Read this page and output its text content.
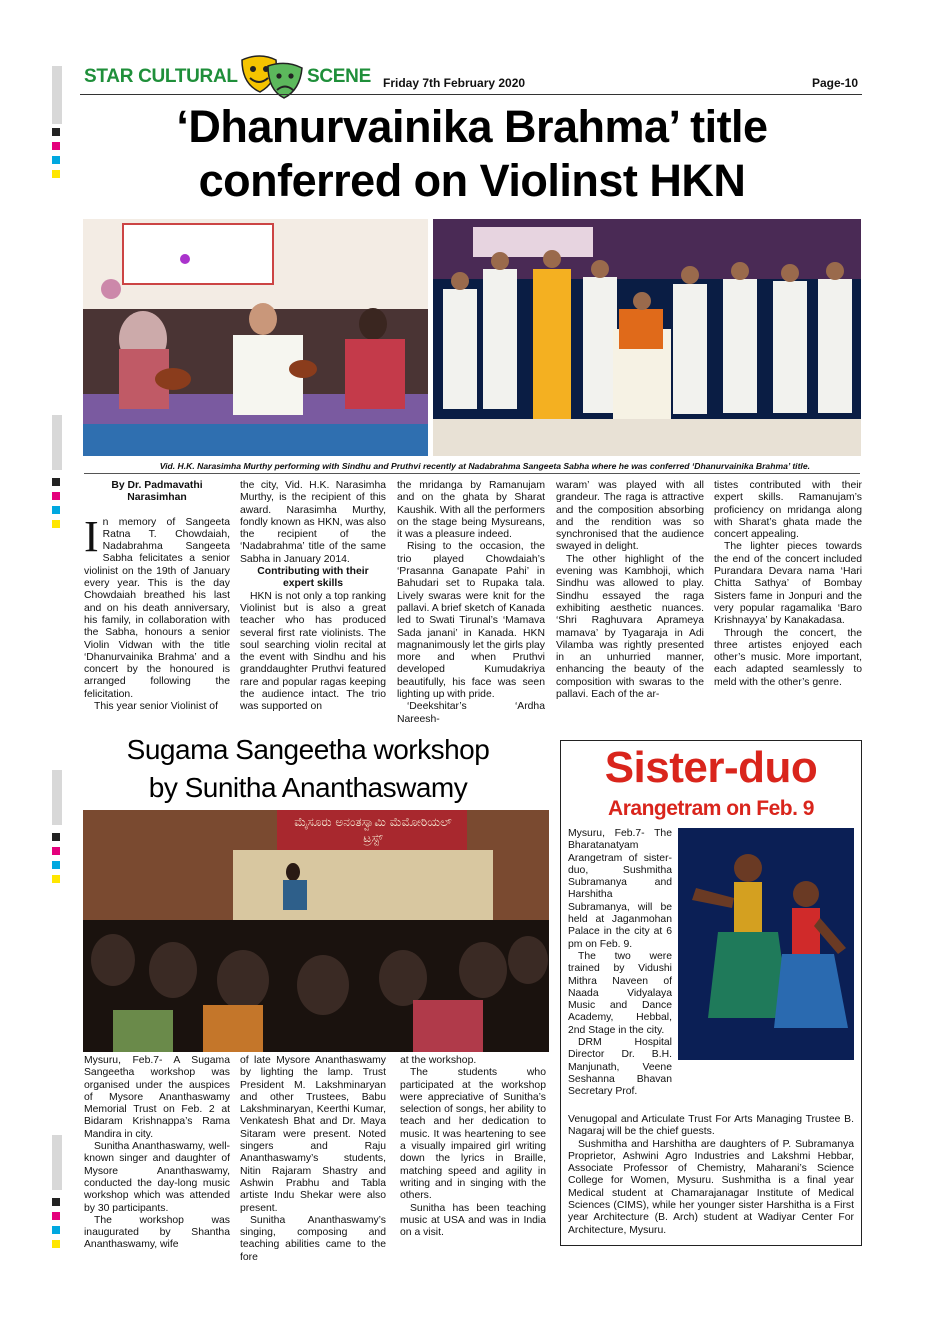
STAR CULTURAL	SCENE Friday 7th February 2020	Page-10
‘Dhanurvainika Brahma’ title
conferred on Violinst HKN
Vid. H.K. Narasimha Murthy performing with Sindhu and Pruthvi recently at Nadabrahma Sangeeta Sabha where he was conferred ‘Dhanurvainika Brahma’ title.

By Dr. Padmavathi
Narasimhan

In memory of Sangeeta Ratna T. Chowdaiah, Nadabrahma Sangeeta Sabha felicitates a senior violinist on the 19th of January every year. This is the day Chowdaiah breathed his last and on his death anniversary, his family, in collaboration with the Sabha, honours a senior Violin Vidwan with the title ‘Dhanurvainika Brahma’ and a concert by the honoured is arranged following the felicitation.

This year senior Violinist of

the city, Vid. H.K. Narasimha Murthy, is the recipient of this award. Narasimha Murthy, fondly known as HKN, was also the recipient of the ‘Nadabrahma’ title of the same Sabha in January 2014.

Contributing with their

expert skills

HKN is not only a top ranking Violinist but is also a great teacher who has produced several first rate violinists. The soul searching violin recital at the event with Sindhu and his granddaughter Pruthvi featured rare and popular ragas keeping the audience intact. The trio was supported on

the mridanga by Ramanujam and on the ghata by Sharat Kaushik. With all the performers on the stage being Mysureans, it was a pleasure indeed.

Rising to the occasion, the trio played Chowdaiah’s ‘Prasanna Ganapate Pahi’ in Bahudari set to Rupaka tala. Lively swaras were knit for the pallavi. A brief sketch of Kanada led to Swati Tirunal’s ‘Mamava Sada janani’ in Kanada. HKN magnanimously let the girls play more and when Pruthvi developed Kumudakriya beautifully, his face was seen lighting up with pride.

‘Deekshitar’s ‘Ardha Nareesh-

waram’ was played with all grandeur. The raga is attractive and the composition absorbing and the rendition was so synchronised that the audience swayed in delight.

The other highlight of the evening was Kambhoji, which Sindhu was allowed to play. Sindhu essayed the raga exhibiting aesthetic nuances. ‘Shri Raghuvara Aprameya mamava’ by Tyagaraja in Adi Vilamba was rightly presented in an unhurried manner, enhancing the beauty of the composition with swaras to the pallavi. Each of the ar-

tistes contributed with their expert skills. Ramanujam’s proficiency on mridanga along with Sharat’s ghata made the concert appealing.

The lighter pieces towards the end of the concert included Purandara Devara nama ‘Hari Chitta Sathya’ of Bombay Sisters fame in Jonpuri and the very popular ragamalika ‘Baro Krishnayya’ by Kanakadasa.

Through the concert, the three artistes enjoyed each other’s music. More important, each adapted seamlessly to meld with the other’s genre.

Sugama Sangeetha workshop
by Sunitha Ananthaswamy
ಮೈಸೂರು ಅನಂತಸ್ವಾಮಿ ಮೆಮೋರಿಯಲ್ ಟ್ರಸ್ಟ್

Mysuru, Feb.7- A Sugama Sangeetha workshop was organised under the auspices of Mysore Ananthaswamy Memorial Trust on Feb. 2 at Bidaram Krishnappa’s Rama Mandira in city.

Sunitha Ananthaswamy, well-known singer and daughter of Mysore Ananthaswamy, conducted the day-long music workshop which was attended by 30 participants.

The workshop was inaugurated by Shantha Ananthaswamy, wife

of late Mysore Ananthaswamy by lighting the lamp. Trust President M. Lakshminaryan and other Trustees, Babu Lakshminaryan, Keerthi Kumar, Venkatesh Bhat and Dr. Maya Sitaram were present. Noted singers and Raju Ananthaswamy’s students, Nitin Rajaram Shastry and Ashwin Prabhu and Tabla artiste Indu Shekar were also present.

Sunitha Ananthaswamy’s singing, composing and teaching abilities came to the fore

at the workshop.

The students who participated at the workshop were appreciative of Sunitha’s selection of songs, her ability to teach and her dedication to music. It was heartening to see a visually impaired girl writing down the lyrics in Braille, matching speed and agility in writing and in singing with the others.

Sunitha has been teaching music at USA and was in India on a visit.

Sister-duo
Arangetram on Feb. 9

Mysuru, Feb.7- The Bharatanatyam Arangetram of sister-duo, Sushmitha Subramanya and Harshitha Subramanya, will be held at Jaganmohan Palace in the city at 6 pm on Feb. 9.

The two were trained by Vidushi Mithra Naveen of Naada Vidyalaya Music and Dance Academy, Hebbal, 2nd Stage in the city.

DRM Hospital Director Dr. B.H. Manjunath, Veene Seshanna Bhavan Secretary Prof.

Venugopal and Articulate Trust For Arts Managing Trustee B. Nagaraj will be the chief guests.

Sushmitha and Harshitha are daughters of P. Subramanya Proprietor, Ashwini Agro Industries and Lakshmi Hebbar, Associate Professor of Chemistry, Maharani’s Science College for Women, Mysuru. Sushmitha is a final year Medical student at Chamarajanagar Institute of Medical Sciences (CIMS), while her younger sister Harshitha is a First year Architecture (B. Arch) student at Wadiyar Center For Architecture, Mysuru.
